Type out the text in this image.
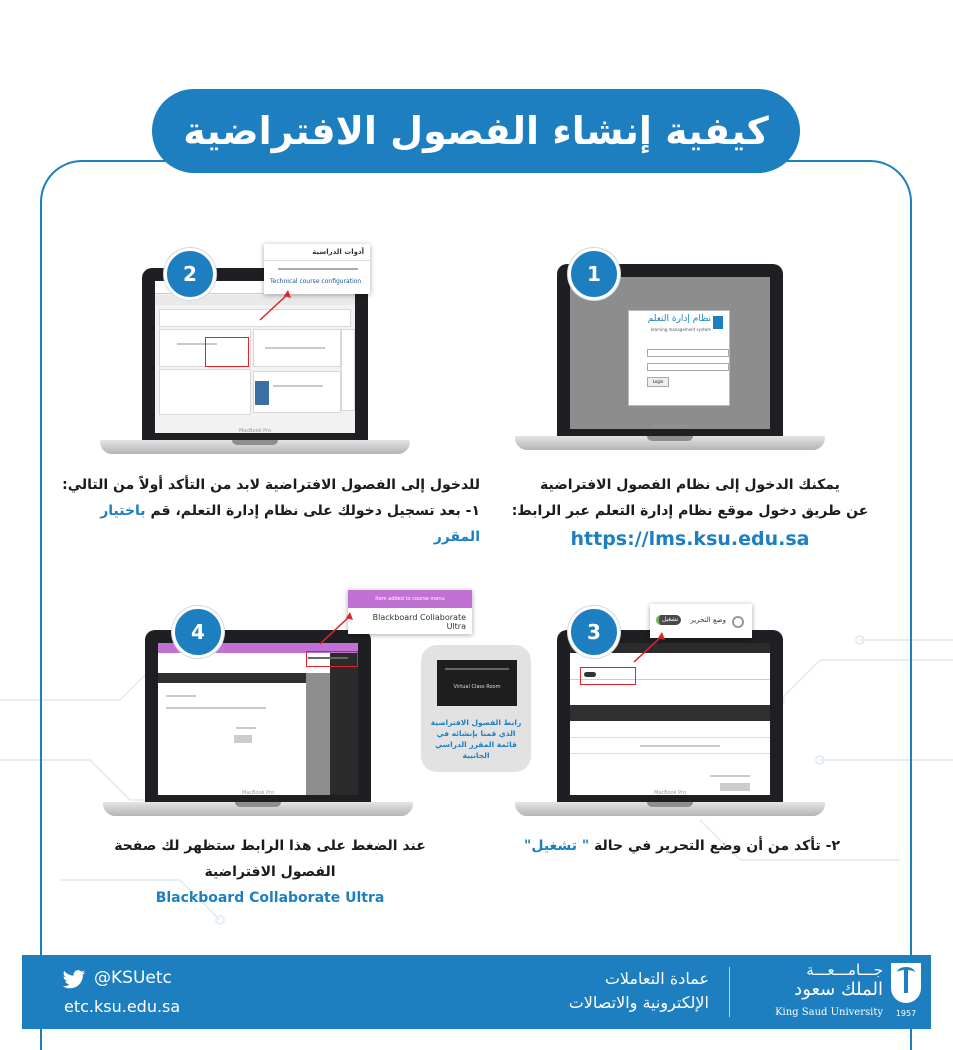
كيفية إنشاء الفصول الافتراضية
نظام إدارة التعلم
learning management system
Login
MacBook Pro
1
يمكنك الدخول إلى نظام الفصول الافتراضية
عن طريق دخول موقع نظام إدارة التعلم عبر الرابط:
https://lms.ksu.edu.sa
MacBook Pro
أدوات الدراسية
Technical course configuration
2
للدخول إلى الفصول الافتراضية لابد من التأكد أولاً من التالي:
١- بعد تسجيل دخولك على نظام إدارة التعلم، قم باختيار المقرر
MacBook Pro
وضع التحرير
تشغيل
3
٢- تأكد من أن وضع التحرير في حالة " تشغيل"
MacBook Pro
Item added to course menu
Blackboard Collaborate Ultra
4
Virtual Class Room
رابط الفصول الافتراضية الذي قمنا بإنشائه في قائمة المقرر الدراسي الجانبية
عند الضغط على هذا الرابط ستظهر لك صفحة
الفصول الافتراضية
Blackboard Collaborate Ultra
@KSUetc
etc.ksu.edu.sa
عمادة التعاملات
الإلكترونية والاتصالات
جـــامـــعـــة
الملك سعود
King Saud University	1957
